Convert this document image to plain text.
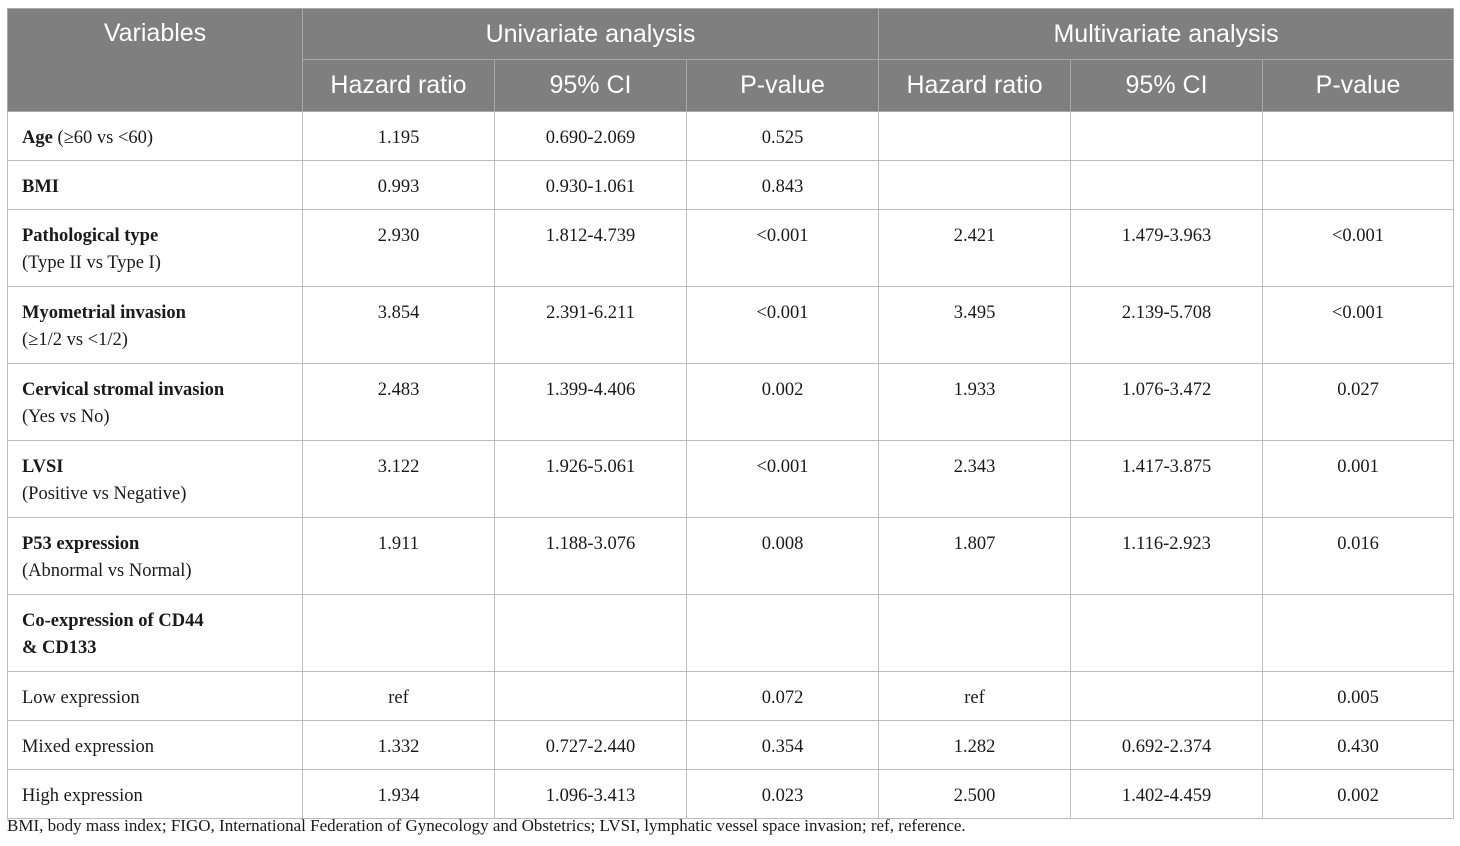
Variables	Univariate analysis			Multivariate analysis		
	Hazard ratio	95% CI	P-value	Hazard ratio	95% CI	P-value
Age (≥60 vs <60)	1.195	0.690-2.069	0.525			
BMI	0.993	0.930-1.061	0.843			
Pathological type
(Type II vs Type I)	2.930	1.812-4.739	<0.001	2.421	1.479-3.963	<0.001
Myometrial invasion
(≥1/2 vs <1/2)	3.854	2.391-6.211	<0.001	3.495	2.139-5.708	<0.001
Cervical stromal invasion
(Yes vs No)	2.483	1.399-4.406	0.002	1.933	1.076-3.472	0.027
LVSI
(Positive vs Negative)	3.122	1.926-5.061	<0.001	2.343	1.417-3.875	0.001
P53 expression
(Abnormal vs Normal)	1.911	1.188-3.076	0.008	1.807	1.116-2.923	0.016
Co-expression of CD44
& CD133						

Low expression	ref		0.072	ref		0.005
Mixed expression	1.332	0.727-2.440	0.354	1.282	0.692-2.374	0.430
High expression	1.934	1.096-3.413	0.023	2.500	1.402-4.459	0.002
BMI, body mass index; FIGO, International Federation of Gynecology and Obstetrics; LVSI, lymphatic vessel space invasion; ref, reference.
